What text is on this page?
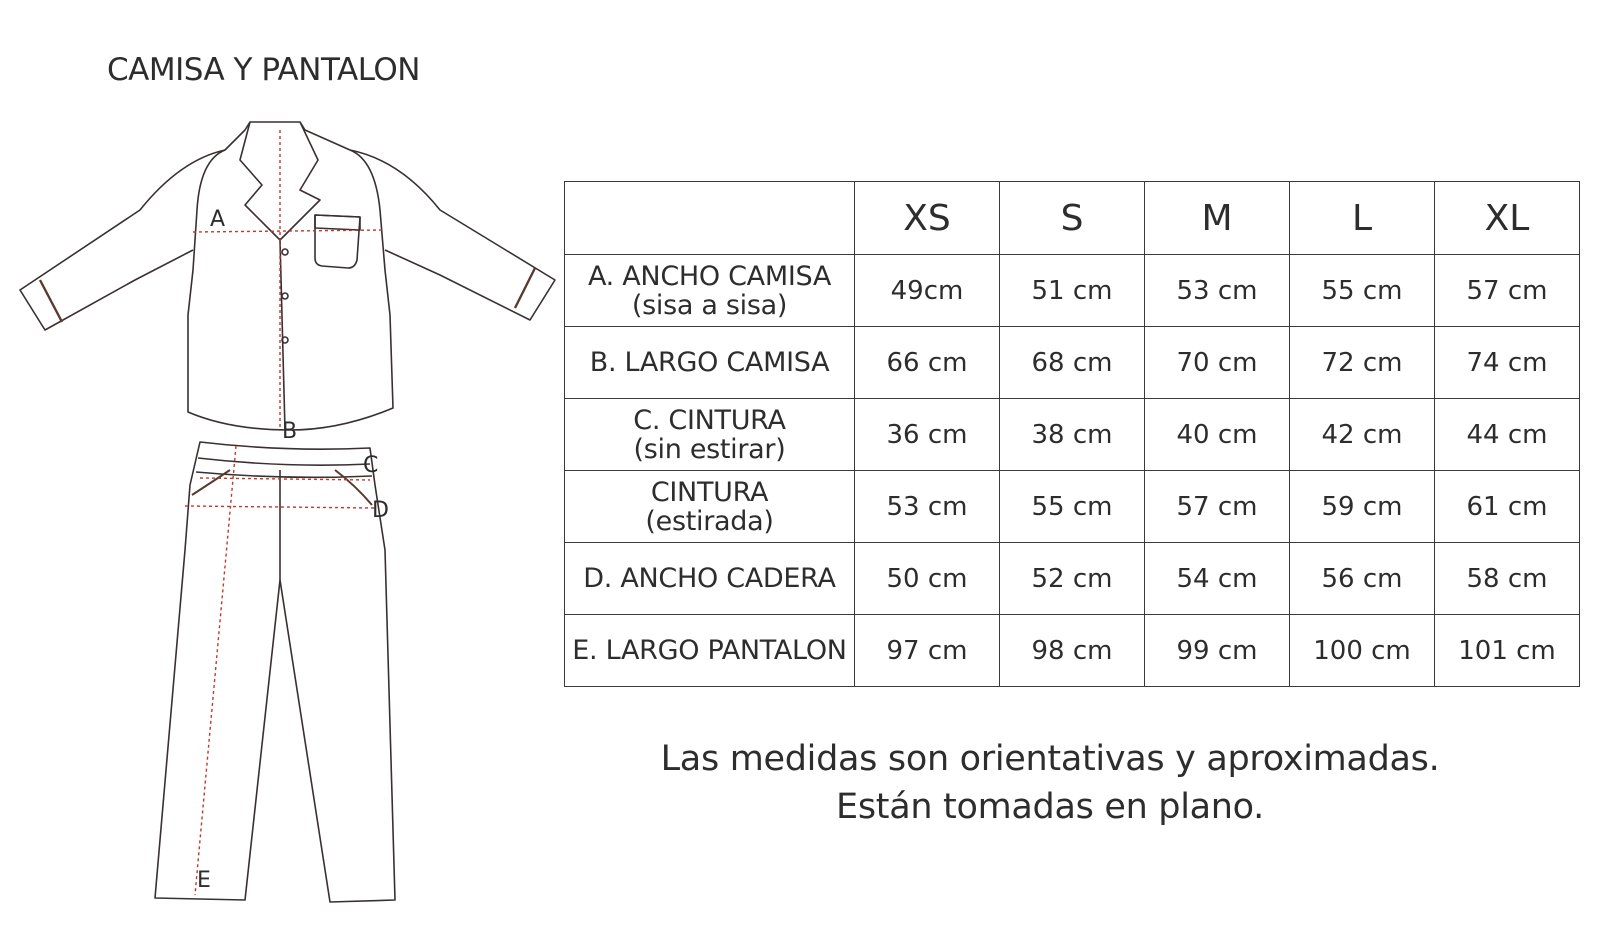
CAMISA Y PANTALON
A
B
C
D
E
	XS	S	M	L	XL
A. ANCHO CAMISA
(sisa a sisa)	49cm	51 cm	53 cm	55 cm	57 cm
B. LARGO CAMISA	66 cm	68 cm	70 cm	72 cm	74 cm
C. CINTURA
(sin estirar)	36 cm	38 cm	40 cm	42 cm	44 cm
CINTURA
(estirada)	53 cm	55 cm	57 cm	59 cm	61 cm
D. ANCHO CADERA	50 cm	52 cm	54 cm	56 cm	58 cm
E. LARGO PANTALON	97 cm	98 cm	99 cm	100 cm	101 cm
Las medidas son orientativas y aproximadas.
Están tomadas en plano.
